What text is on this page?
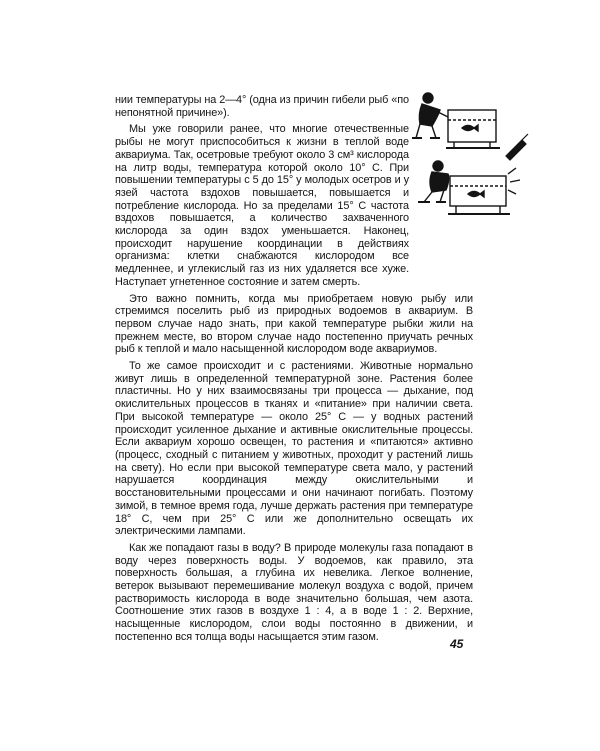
нии температуры на 2—4° (одна из причин гибели рыб «по непонятной причине»).

Мы уже говорили ранее, что многие отечественные рыбы не могут приспособиться к жизни в теплой воде аквариума. Так, осетровые требуют около 3 см³ кислорода на литр воды, температура которой около 10° С. При повышении температуры с 5 до 15° у молодых осетров и у язей частота вздохов повышается, повышается и потребление кислорода. Но за пределами 15° С частота вздохов повышается, а количество захваченного кислорода за один вздох уменьшается. Наконец, происходит нарушение координации в действиях организма: клетки снабжаются кислородом все медленнее, и углекислый газ из них удаляется все хуже. Наступает угнетенное состояние и затем смерть.

Это важно помнить, когда мы приобретаем новую рыбу или стремимся поселить рыб из природных водоемов в аквариум. В первом случае надо знать, при какой температуре рыбки жили на прежнем месте, во втором случае надо постепенно приучать речных рыб к теплой и мало насыщенной кислородом воде аквариумов.

То же самое происходит и с растениями. Животные нормально живут лишь в определенной температурной зоне. Растения более пластичны. Но у них взаимосвязаны три процесса — дыхание, под окислительных процессов в тканях и «питание» при наличии света. При высокой температуре — около 25° С — у водных растений происходит усиленное дыхание и активные окислительные процессы. Если аквариум хорошо освещен, то растения и «питаются» активно (процесс, сходный с питанием у животных, проходит у растений лишь на свету). Но если при высокой температуре света мало, у растений нарушается координация между окислительными и восстановительными процессами и они начинают погибать. Поэтому зимой, в темное время года, лучше держать растения при температуре 18° С, чем при 25° С или же дополнительно освещать их электрическими лампами.

Как же попадают газы в воду? В природе молекулы газа попадают в воду через поверхность воды. У водоемов, как правило, эта поверхность большая, а глубина их невелика. Легкое волнение, ветерок вызывают перемешивание молекул воздуха с водой, причем растворимость кислорода в воде значительно большая, чем азота. Соотношение этих газов в воздухе 1 : 4, а в воде 1 : 2. Верхние, насыщенные кислородом, слои воды постоянно в движении, и постепенно вся толща воды насыщается этим газом.

45
